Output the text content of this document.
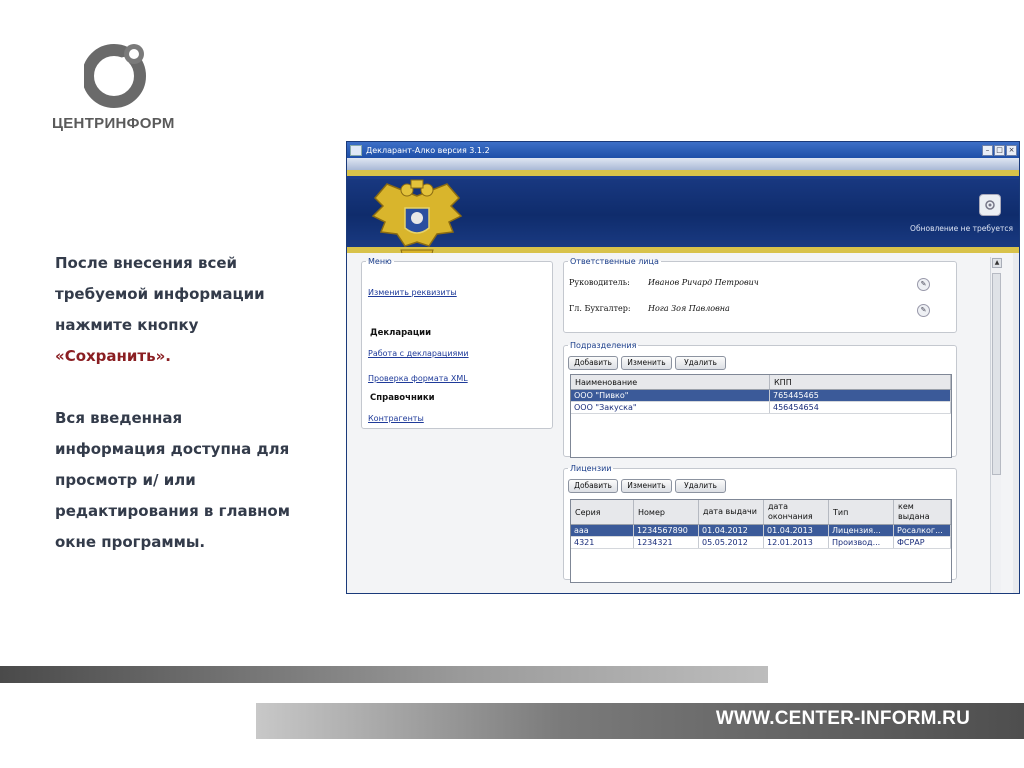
ЦЕНТРИНФОРМ

После внесения всей

требуемой информации

нажмите кнопку

«Сохранить».

Вся введенная

информация доступна для

просмотр и/ или

редактирования в главном

окне программы.

Декларант-Алко версия 3.1.2	– □ ×
Обновление не требуется
Меню
Изменить реквизиты
Декларации
Работа с декларациями
Проверка формата XML
Справочники
Контрагенты
Ответственные лица
Руководитель: Иванов Ричард Петрович	✎
Гл. Бухгалтер: Нога Зоя Павловна	✎
Подразделения
Добавить	Изменить	Удалить
Наименование	КПП
ООО "Пивко"	765445465
ООО "Закуска"	456454654
Лицензии
Добавить	Изменить	Удалить
Серия	Номер	дата выдачи	дата окончания	Тип	кем выдана
ааа	1234567890	01.04.2012	01.04.2013	Лицензия...	Росалког...
4321	1234321	05.05.2012	12.01.2013	Производ...	ФСРАР
▲
WWW.CENTER-INFORM.RU
